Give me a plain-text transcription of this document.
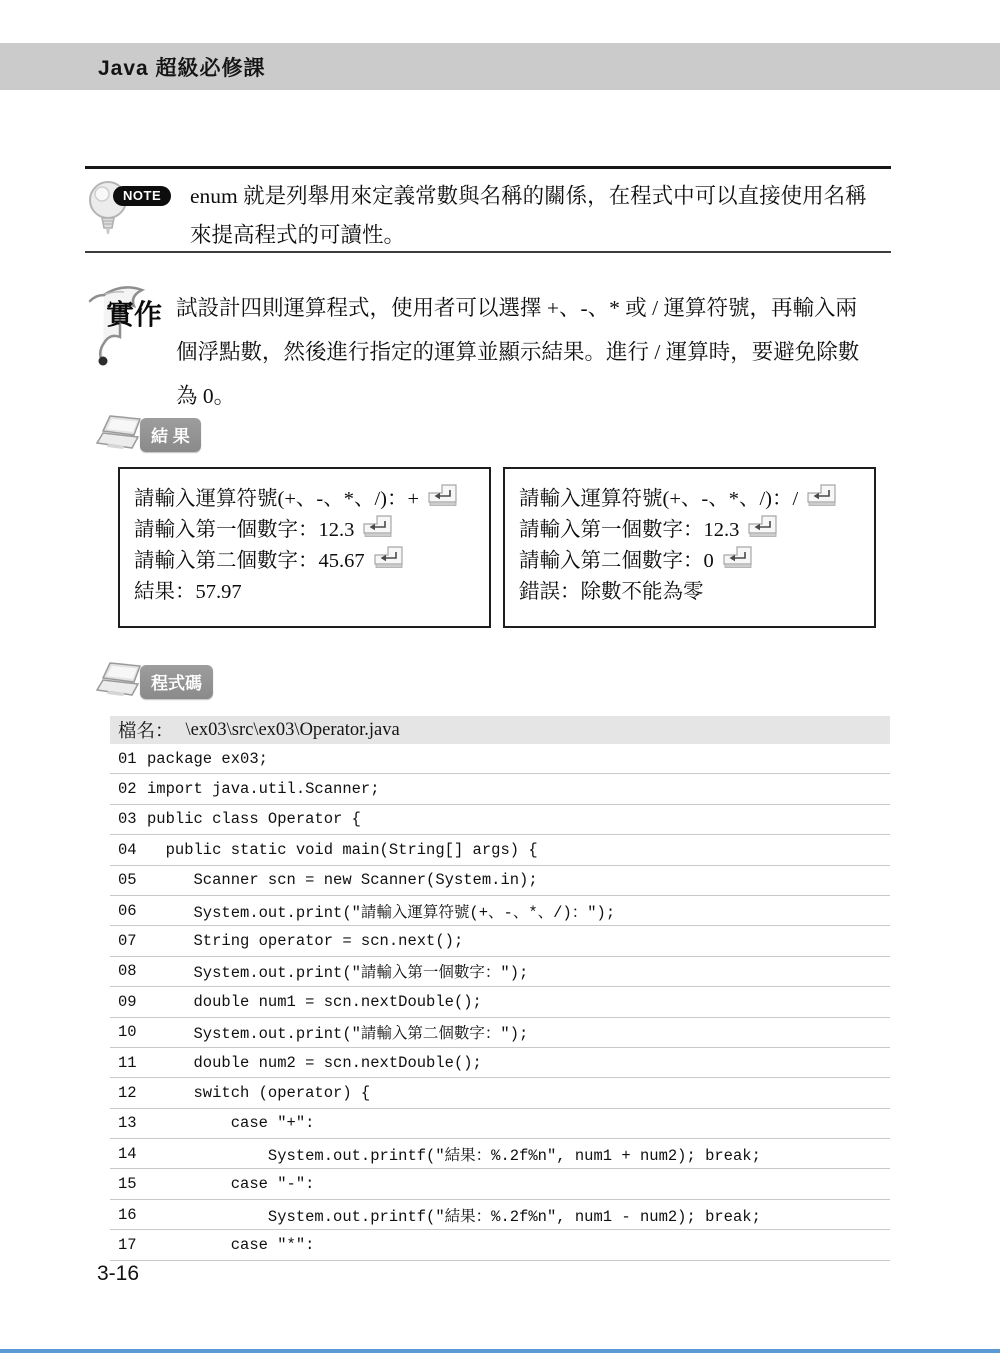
Java 超級必修課
NOTE	enum 就是列舉用來定義常數與名稱的關係，在程式中可以直接使用名稱
來提高程式的可讀性。
實作 試設計四則運算程式，使用者可以選擇 +、-、* 或 / 運算符號，再輸入兩
個浮點數，然後進行指定的運算並顯示結果。進行 / 運算時，要避免除數
為 0。
結 果
請輸入運算符號(+、-、*、/)：+
請輸入第一個數字：12.3
請輸入第二個數字：45.67
結果：57.97
請輸入運算符號(+、-、*、/)：/
請輸入第一個數字：12.3
請輸入第二個數字：0
錯誤：除數不能為零
程式碼
檔名： \ex03\src\ex03\Operator.java
01 package ex03;
02 import java.util.Scanner;
03 public class Operator {
04 public static void main(String[] args) {
05 Scanner scn = new Scanner(System.in);
06 System.out.print("請輸入運算符號(+、-、*、/)：");
07 String operator = scn.next();
08 System.out.print("請輸入第一個數字：");
09 double num1 = scn.nextDouble();
10 System.out.print("請輸入第二個數字：");
11 double num2 = scn.nextDouble();
12 switch (operator) {
13 case "+":
14 System.out.printf("結果：%.2f%n", num1 + num2); break;
15 case "-":
16 System.out.printf("結果：%.2f%n", num1 - num2); break;
17 case "*":
3-16
